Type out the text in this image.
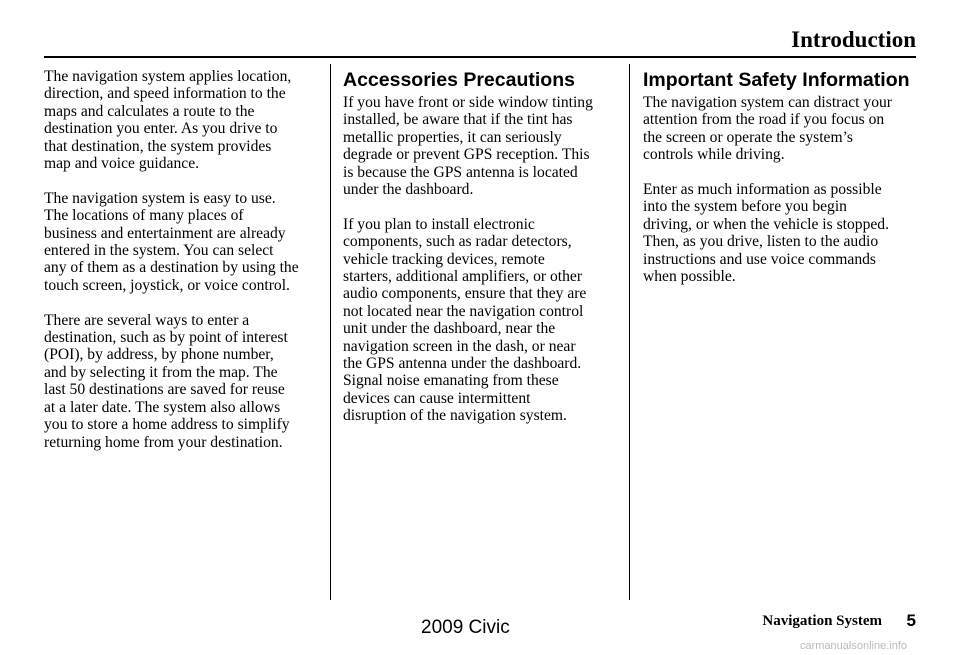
Introduction

The navigation system applies location,
direction, and speed information to the
maps and calculates a route to the
destination you enter. As you drive to
that destination, the system provides
map and voice guidance.

The navigation system is easy to use.
The locations of many places of
business and entertainment are already
entered in the system. You can select
any of them as a destination by using the
touch screen, joystick, or voice control.

There are several ways to enter a
destination, such as by point of interest
(POI), by address, by phone number,
and by selecting it from the map. The
last 50 destinations are saved for reuse
at a later date. The system also allows
you to store a home address to simplify
returning home from your destination.

Accessories Precautions

If you have front or side window tinting
installed, be aware that if the tint has
metallic properties, it can seriously
degrade or prevent GPS reception. This
is because the GPS antenna is located
under the dashboard.

If you plan to install electronic
components, such as radar detectors,
vehicle tracking devices, remote
starters, additional amplifiers, or other
audio components, ensure that they are
not located near the navigation control
unit under the dashboard, near the
navigation screen in the dash, or near
the GPS antenna under the dashboard.
Signal noise emanating from these
devices can cause intermittent
disruption of the navigation system.

Important Safety Information

The navigation system can distract your
attention from the road if you focus on
the screen or operate the system’s
controls while driving.

Enter as much information as possible
into the system before you begin
driving, or when the vehicle is stopped.
Then, as you drive, listen to the audio
instructions and use voice commands
when possible.

Navigation System 5
2009 Civic
carmanualsonline.info
